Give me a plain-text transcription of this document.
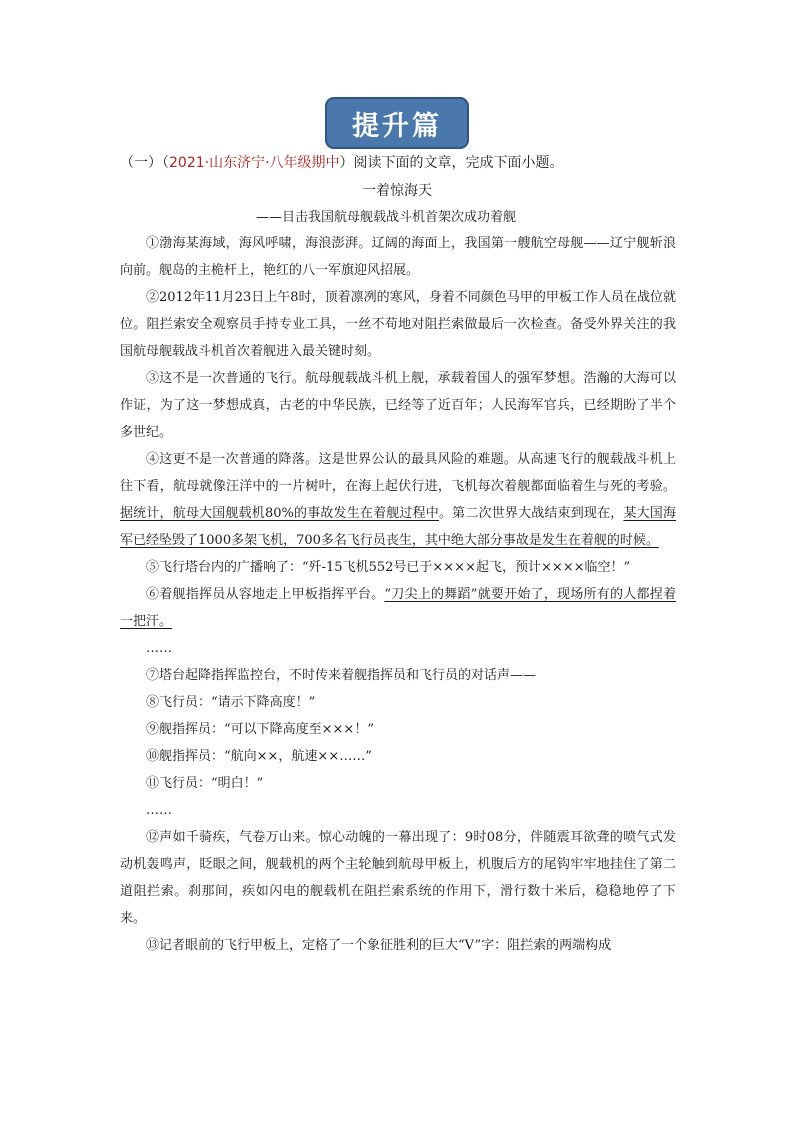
提升篇
（一）（2021·山东济宁·八年级期中）阅读下面的文章，完成下面小题。
一着惊海天
——目击我国航母舰载战斗机首架次成功着舰

①渤海某海域，海风呼啸，海浪澎湃。辽阔的海面上，我国第一艘航空母舰——辽宁舰斩浪向前。舰岛的主桅杆上，艳红的八一军旗迎风招展。

②2012年11月23日上午8时，顶着凛冽的寒风，身着不同颜色马甲的甲板工作人员在战位就位。阻拦索安全观察员手持专业工具，一丝不苟地对阻拦索做最后一次检查。备受外界关注的我国航母舰载战斗机首次着舰进入最关键时刻。

③这不是一次普通的飞行。航母舰载战斗机上舰，承载着国人的强军梦想。浩瀚的大海可以作证，为了这一梦想成真，古老的中华民族，已经等了近百年；人民海军官兵，已经期盼了半个多世纪。

④这更不是一次普通的降落。这是世界公认的最具风险的难题。从高速飞行的舰载战斗机上往下看，航母就像汪洋中的一片树叶，在海上起伏行进，飞机每次着舰都面临着生与死的考验。据统计，航母大国舰载机80%的事故发生在着舰过程中。第二次世界大战结束到现在，某大国海军已经坠毁了1000多架飞机，700多名飞行员丧生，其中绝大部分事故是发生在着舰的时候。

⑤飞行塔台内的广播响了：“歼-15飞机552号已于××××起飞，预计××××临空！”

⑥着舰指挥员从容地走上甲板指挥平台。“刀尖上的舞蹈”就要开始了，现场所有的人都捏着一把汗。

……

⑦塔台起降指挥监控台，不时传来着舰指挥员和飞行员的对话声——

⑧飞行员：“请示下降高度！”

⑨舰指挥员：“可以下降高度至×××！”

⑩舰指挥员：“航向××，航速××……”

⑪飞行员：“明白！”

……

⑫声如千骑疾，气卷万山来。惊心动魄的一幕出现了：9时08分，伴随震耳欲聋的喷气式发动机轰鸣声，眨眼之间，舰载机的两个主轮触到航母甲板上，机腹后方的尾钩牢牢地挂住了第二道阻拦索。刹那间，疾如闪电的舰载机在阻拦索系统的作用下，滑行数十米后，稳稳地停了下来。

⑬记者眼前的飞行甲板上，定格了一个象征胜利的巨大“V”字：阻拦索的两端构成
